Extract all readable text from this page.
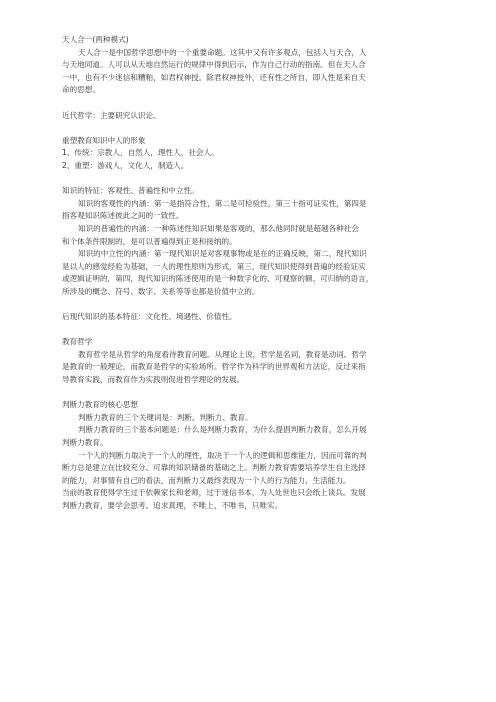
天人合一(两种模式)
天人合一是中国哲学思想中的一个重要命题。这其中又有许多观点，包括人与天合，人
与天地同道。人可以从天地自然运行的规律中得到启示，作为自己行动的指南。但在天人合
一中，也有不少迷信和糟粕，如君权神授。除君权神授外，还有性之所自，即人性是来自天
命的思想。
近代哲学：主要研究认识论。
重塑教育知识中人的形象
1、传统：宗教人，自然人，理性人，社会人。
2、重塑：游戏人，文化人，制造人。
知识的特征：客观性、普遍性和中立性。
知识的客观性的内涵：第一是指符合性，第二是可检验性，第三十指可证实性，第四是
指客观知识陈述彼此之间的一致性。
知识的普遍性的内涵：一种陈述性知识如果是客观的，那么他同时就是超越各种社会
和个体条件限制的，是可以普遍得到正是和接纳的。
知识的中立性的内涵：第一现代知识是对客观事物或是在的正确反映，第二，现代知识
是以人的感觉经验为基础，一人的理性原则为形式，第三，现代知识使得到普遍的经验证实
或逻辑证明的，第四，现代知识的陈述使用的是一种数字化的、可观察的额、可归纳的语言，
所涉及的概念、符号、数字、关系等等也都是价值中立的。
后现代知识的基本特征：文化性、境遇性、价值性。
教育哲学
教育哲学是从哲学的角度看待教育问题。从理论上说，哲学是名词，教育是动词。哲学
是教育的一般理论，而教育是哲学的实验场所。哲学作为科学的世界观和方法论，反过来指
导教育实践，而教育作为实践则促进哲学理论的发展。
判断力教育的核心思想
判断力教育的三个关键词是：判断、判断力、教育。
判断力教育的三个基本问题是：什么是判断力教育，为什么提倡判断力教育，怎么开展
判断力教育。
一个人的判断力取决于一个人的理性，取决于一个人的逻辑和思维能力，因而可靠的判
断力总是建立在比较充分、可靠的知识储备的基础之上。判断力教育需要培养学生自主选择
的能力，对事情有自己的看法，而判断力又最终表现为一个人的行为能力、生活能力。
当前的教育使得学生过于依赖家长和老师，过于迷信书本，为人处世也只会纸上谈兵。发展
判断力教育，要学会思考。追求真理，不唯上，不唯书，只唯实。
